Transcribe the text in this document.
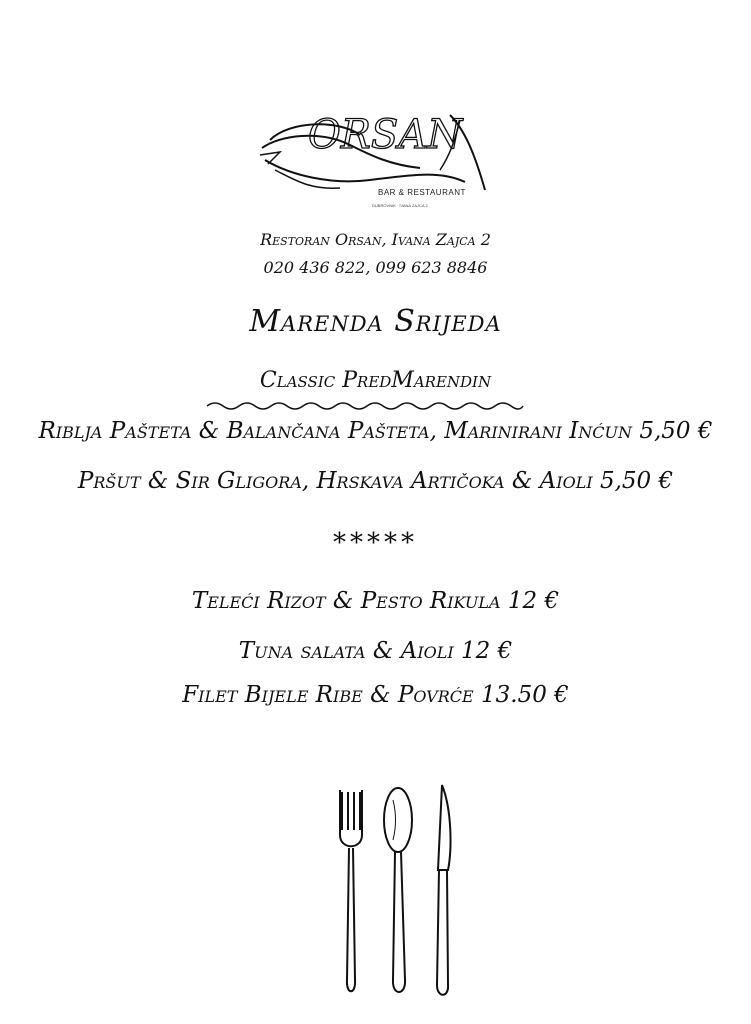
ORSAN
BAR & RESTAURANT
DUBROVNIK · IVANA ZAJCA 2
Restoran Orsan, Ivana Zajca 2
020 436 822, 099 623 8846
Marenda Srijeda
Classic PredMarendin
Riblja Pašteta & Balančana Pašteta, Marinirani Inćun 5,50 €
Pršut & Sir Gligora, Hrskava Artičoka & Aioli 5,50 €
*****
Teleći Rizot & Pesto Rikula 12 €
Tuna salata & Aioli 12 €
Filet Bijele Ribe & Povrće 13.50 €
